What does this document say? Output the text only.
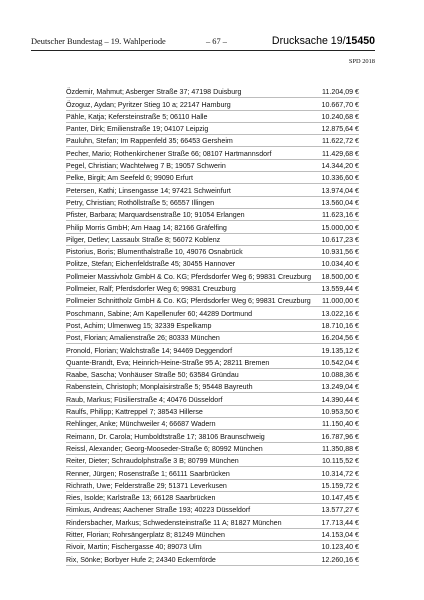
Deutscher Bundestag – 19. Wahlperiode	– 67 –	Drucksache 19/15450
SPD 2018
Özdemir, Mahmut; Asberger Straße 37; 47198 Duisburg	11.204,09 €
Özoguz, Aydan; Pyritzer Stieg 10 a; 22147 Hamburg	10.667,70 €
Pähle, Katja; Kefersteinstraße 5; 06110 Halle	10.240,68 €
Panter, Dirk; Emilienstraße 19; 04107 Leipzig	12.875,64 €
Pauluhn, Stefan; Im Rappenfeld 35; 66453 Gersheim	11.622,72 €
Pecher, Mario; Rothenkirchener Straße 66; 08107 Hartmannsdorf	11.429,68 €
Pegel, Christian; Wachtelweg 7 B; 19057 Schwerin	14.344,20 €
Pelke, Birgit; Am Seefeld 6; 99090 Erfurt	10.336,60 €
Petersen, Kathi; Linsengasse 14; 97421 Schweinfurt	13.974,04 €
Petry, Christian; Rothöllstraße 5; 66557 Illingen	13.560,04 €
Pfister, Barbara; Marquardsenstraße 10; 91054 Erlangen	11.623,16 €
Philip Morris GmbH; Am Haag 14; 82166 Gräfelfing	15.000,00 €
Pilger, Detlev; Lassaulx Straße 8; 56072 Koblenz	10.617,23 €
Pistorius, Boris; Blumenthalstraße 10, 49076 Osnabrück	10.931,56 €
Politze, Stefan; Eichenfeldstraße 45; 30455 Hannover	10.034,40 €
Pollmeier Massivholz GmbH & Co. KG; Pferdsdorfer Weg 6; 99831 Creuzburg 18.500,00 €
Pollmeier, Ralf; Pferdsdorfer Weg 6; 99831 Creuzburg	13.559,44 €
Pollmeier Schnittholz GmbH & Co. KG; Pferdsdorfer Weg 6; 99831 Creuzburg 11.000,00 €
Poschmann, Sabine; Am Kapellenufer 60; 44289 Dortmund	13.022,16 €
Post, Achim; Ulmenweg 15; 32339 Espelkamp	18.710,16 €
Post, Florian; Amalienstraße 26; 80333 München	16.204,56 €
Pronold, Florian; Walchstraße 14; 94469 Deggendorf	19.135,12 €
Quante-Brandt, Eva; Heinrich-Heine-Straße 95 A; 28211 Bremen	10.542,04 €
Raabe, Sascha; Vonhäuser Straße 50; 63584 Gründau	10.088,36 €
Rabenstein, Christoph; Monplaisirstraße 5; 95448 Bayreuth	13.249,04 €
Raub, Markus; Füsilierstraße 4; 40476 Düsseldorf	14.390,44 €
Raulfs, Philipp; Kattreppel 7; 38543 Hillerse	10.953,50 €
Rehlinger, Anke; Münchweiler 4; 66687 Wadern	11.150,40 €
Reimann, Dr. Carola; Humboldtstraße 17; 38106 Braunschweig	16.787,96 €
Reissl, Alexander; Georg-Mooseder-Straße 6; 80992 München	11.350,88 €
Reiter, Dieter; Schraudolphstraße 3 B; 80799 München	10.115,52 €
Renner, Jürgen; Rosenstraße 1; 66111 Saarbrücken	10.314,72 €
Richrath, Uwe; Felderstraße 29; 51371 Leverkusen	15.159,72 €
Ries, Isolde; Karlstraße 13; 66128 Saarbrücken	10.147,45 €
Rimkus, Andreas; Aachener Straße 193; 40223 Düsseldorf	13.577,27 €
Rindersbacher, Markus; Schwedensteinstraße 11 A; 81827 München	17.713,44 €
Ritter, Florian; Rohrsängerplatz 8; 81249 München	14.153,04 €
Rivoir, Martin; Fischergasse 40; 89073 Ulm	10.123,40 €
Rix, Sönke; Borbyer Hufe 2; 24340 Eckernförde	12.260,16 €
